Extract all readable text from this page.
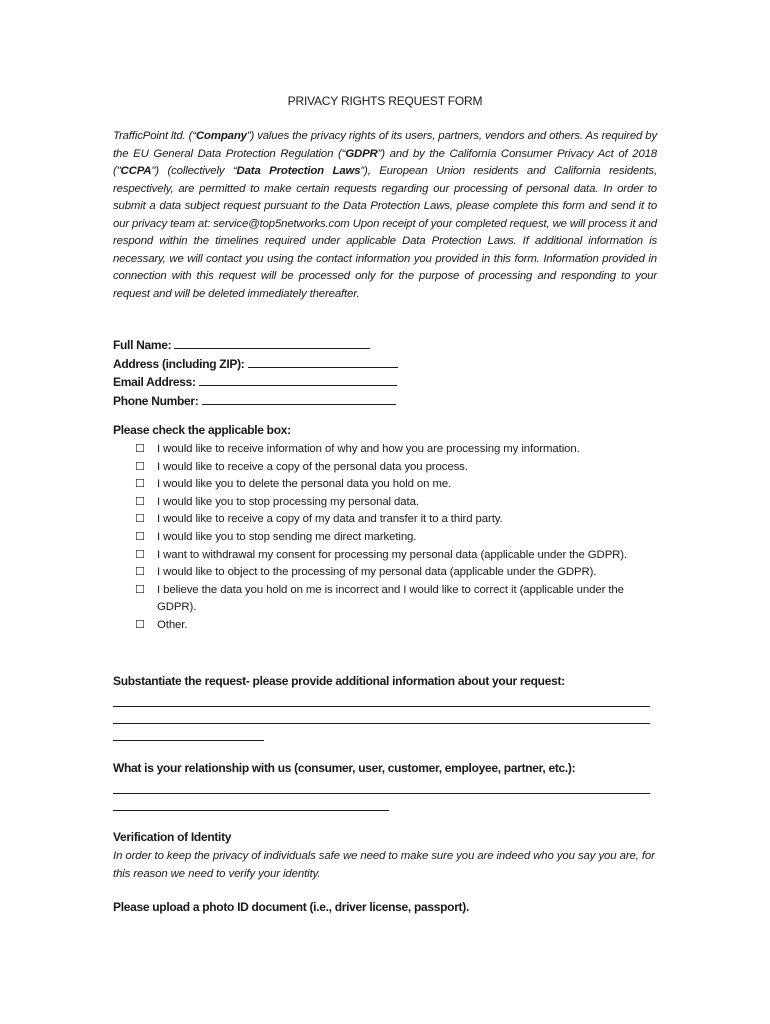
PRIVACY RIGHTS REQUEST FORM
TrafficPoint ltd. (“Company”) values the privacy rights of its users, partners, vendors and others. As required by the EU General Data Protection Regulation (“GDPR”) and by the California Consumer Privacy Act of 2018 ("CCPA") (collectively “Data Protection Laws”), European Union residents and California residents, respectively, are permitted to make certain requests regarding our processing of personal data. In order to submit a data subject request pursuant to the Data Protection Laws, please complete this form and send it to our privacy team at: service@top5networks.com Upon receipt of your completed request, we will process it and respond within the timelines required under applicable Data Protection Laws. If additional information is necessary, we will contact you using the contact information you provided in this form. Information provided in connection with this request will be processed only for the purpose of processing and responding to your request and will be deleted immediately thereafter.
Full Name:
Address (including ZIP):
Email Address:
Phone Number:
Please check the applicable box:
☐	I would like to receive information of why and how you are processing my information.
☐	I would like to receive a copy of the personal data you process.
☐	I would like you to delete the personal data you hold on me.
☐	I would like you to stop processing my personal data.
☐	I would like to receive a copy of my data and transfer it to a third party.
☐	I would like you to stop sending me direct marketing.
☐	I want to withdrawal my consent for processing my personal data (applicable under the GDPR).
☐	I would like to object to the processing of my personal data (applicable under the GDPR).
☐	I believe the data you hold on me is incorrect and I would like to correct it (applicable under the GDPR).
☐	Other.
Substantiate the request- please provide additional information about your request:
What is your relationship with us (consumer, user, customer, employee, partner, etc.):
Verification of Identity
In order to keep the privacy of individuals safe we need to make sure you are indeed who you say you are, for this reason we need to verify your identity.
Please upload a photo ID document (i.e., driver license, passport).
